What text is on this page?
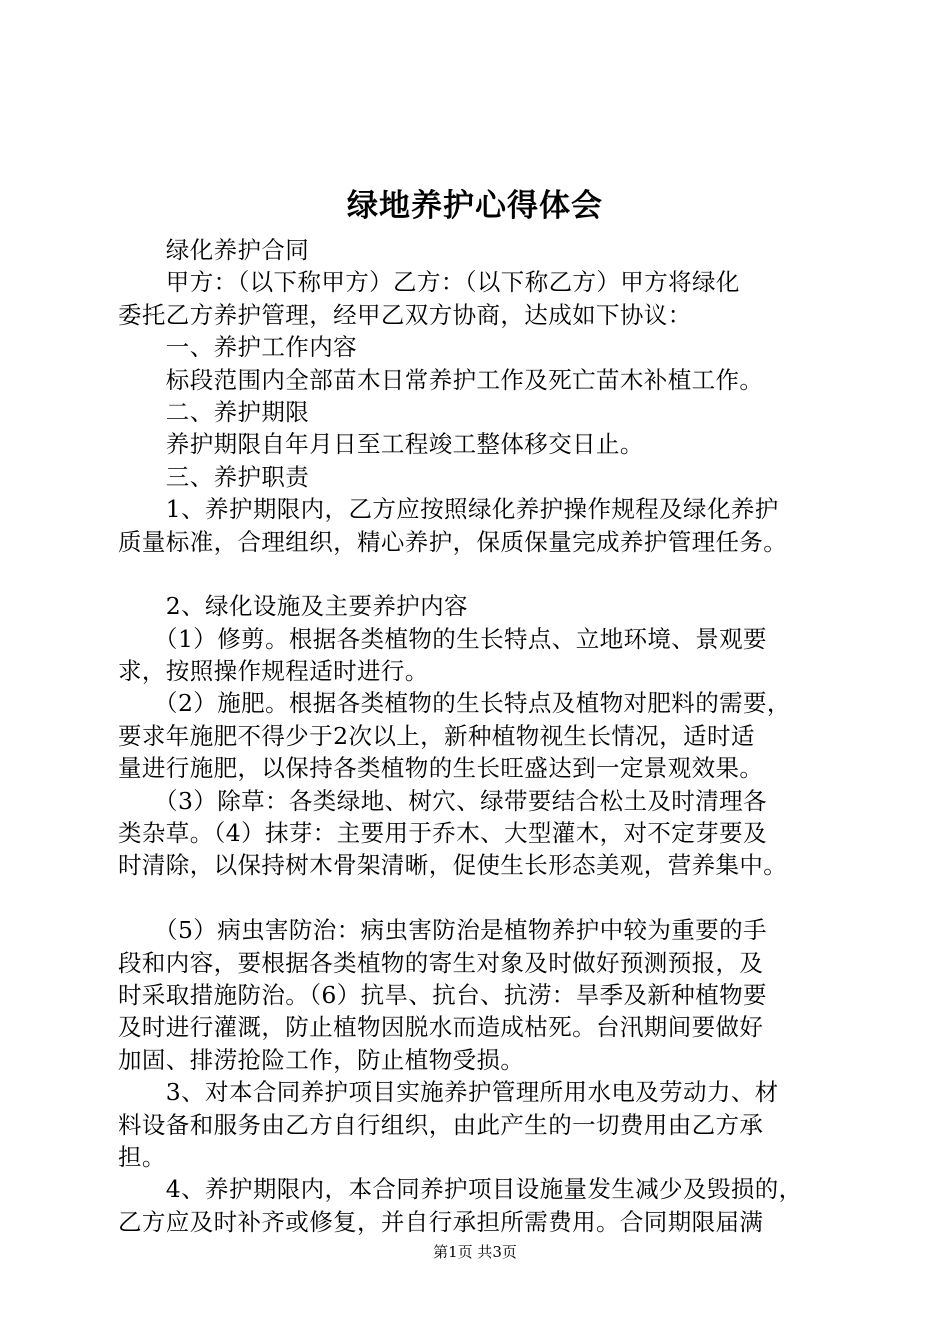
绿地养护心得体会
　　绿化养护合同
　　甲方：（以下称甲方）乙方：（以下称乙方）甲方将绿化
委托乙方养护管理，经甲乙双方协商，达成如下协议：
　　一、养护工作内容
　　标段范围内全部苗木日常养护工作及死亡苗木补植工作。
　　二、养护期限
　　养护期限自年月日至工程竣工整体移交日止。
　　三、养护职责
　　1、养护期限内，乙方应按照绿化养护操作规程及绿化养护
质量标准，合理组织，精心养护，保质保量完成养护管理任务。
　　2、绿化设施及主要养护内容
　　（1）修剪。根据各类植物的生长特点、立地环境、景观要
求，按照操作规程适时进行。
　　（2）施肥。根据各类植物的生长特点及植物对肥料的需要，
要求年施肥不得少于2次以上，新种植物视生长情况，适时适
量进行施肥，以保持各类植物的生长旺盛达到一定景观效果。
　　（3）除草：各类绿地、树穴、绿带要结合松土及时清理各
类杂草。（4）抹芽：主要用于乔木、大型灌木，对不定芽要及
时清除，以保持树木骨架清晰，促使生长形态美观，营养集中。
　　（5）病虫害防治：病虫害防治是植物养护中较为重要的手
段和内容，要根据各类植物的寄生对象及时做好预测预报，及
时采取措施防治。（6）抗旱、抗台、抗涝：旱季及新种植物要
及时进行灌溉，防止植物因脱水而造成枯死。台汛期间要做好
加固、排涝抢险工作，防止植物受损。
　　3、对本合同养护项目实施养护管理所用水电及劳动力、材
料设备和服务由乙方自行组织，由此产生的一切费用由乙方承
担。
　　4、养护期限内，本合同养护项目设施量发生减少及毁损的，
乙方应及时补齐或修复，并自行承担所需费用。合同期限届满
第1页 共3页
